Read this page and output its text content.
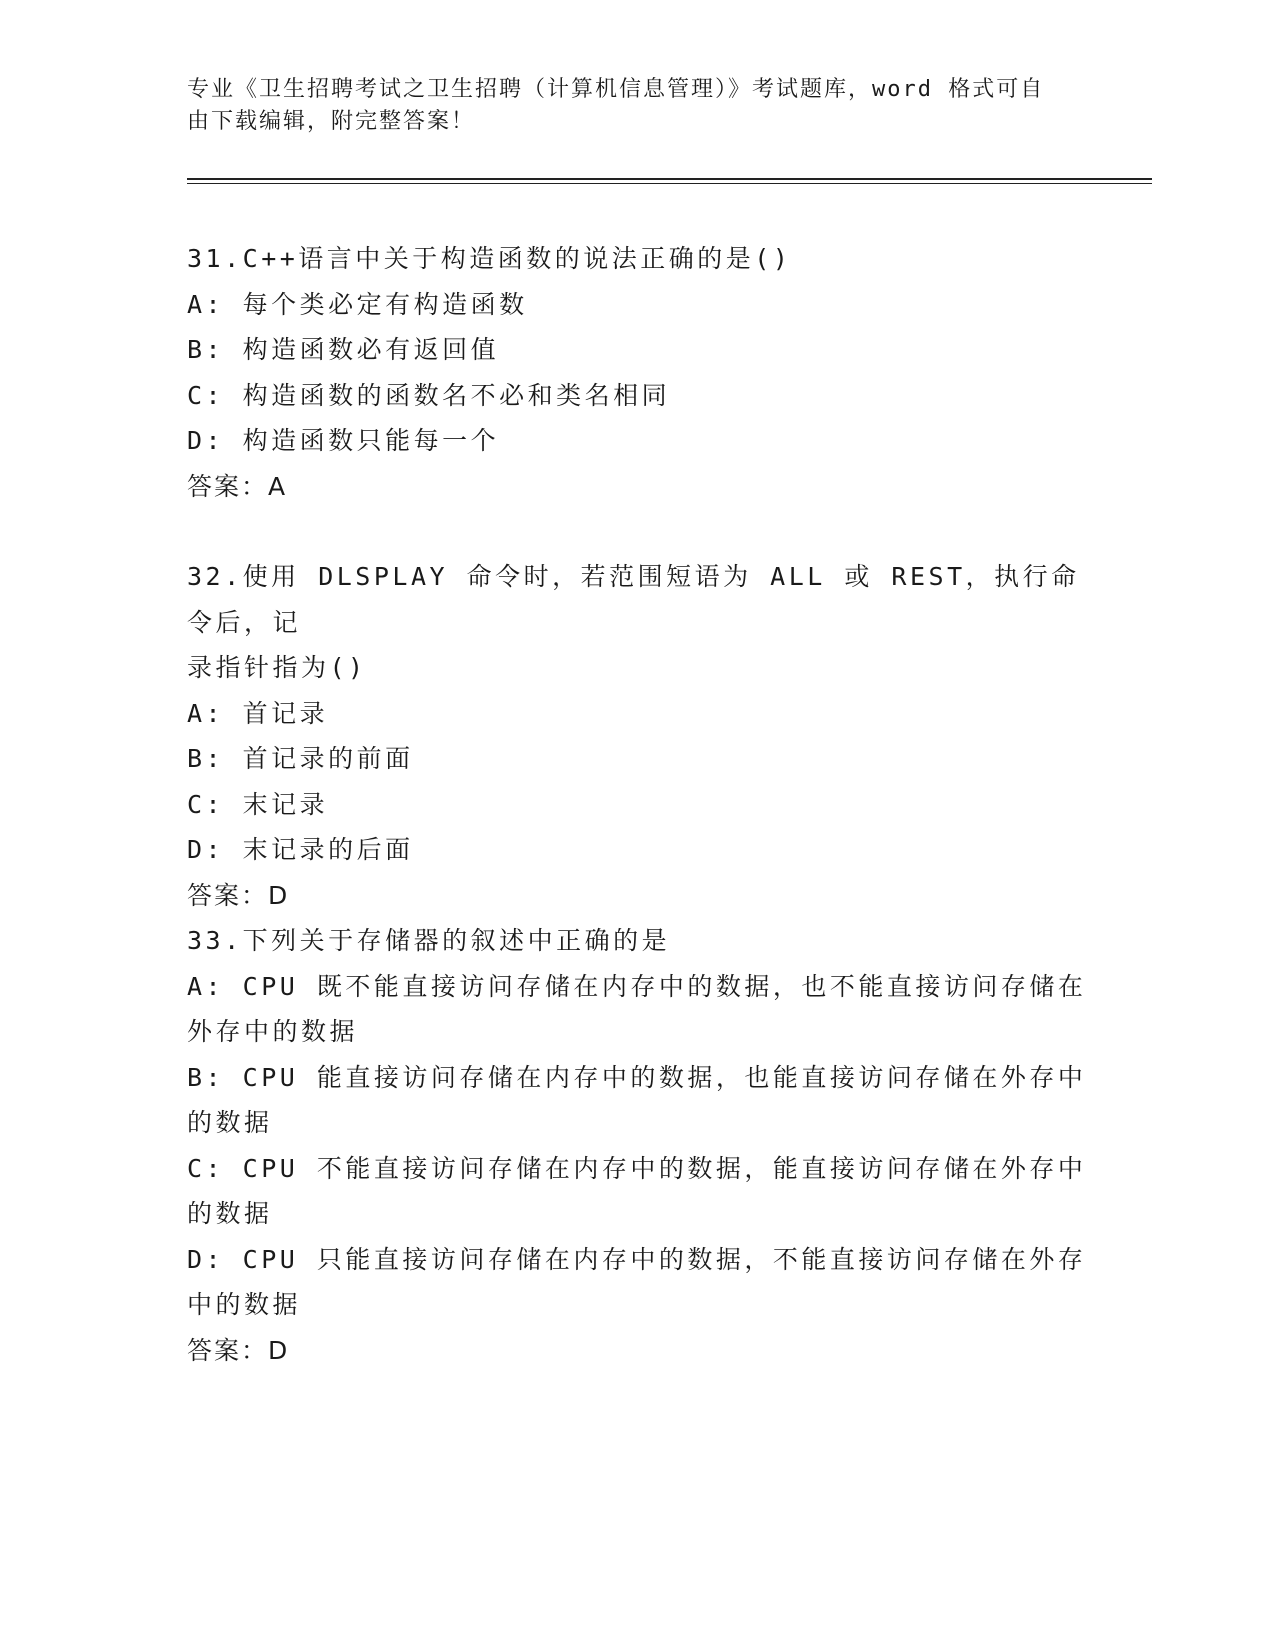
专业《卫生招聘考试之卫生招聘（计算机信息管理）》考试题库，word 格式可自
由下载编辑，附完整答案！
31.C++语言中关于构造函数的说法正确的是()
A: 每个类必定有构造函数
B: 构造函数必有返回值
C: 构造函数的函数名不必和类名相同
D: 构造函数只能每一个
答案：A
32.使用 DLSPLAY 命令时，若范围短语为 ALL 或 REST，执行命令后，记
录指针指为()
A: 首记录
B: 首记录的前面
C: 末记录
D: 末记录的后面
答案：D
33.下列关于存储器的叙述中正确的是
A: CPU 既不能直接访问存储在内存中的数据，也不能直接访问存储在
外存中的数据
B: CPU 能直接访问存储在内存中的数据，也能直接访问存储在外存中
的数据
C: CPU 不能直接访问存储在内存中的数据，能直接访问存储在外存中
的数据
D: CPU 只能直接访问存储在内存中的数据，不能直接访问存储在外存
中的数据
答案：D
